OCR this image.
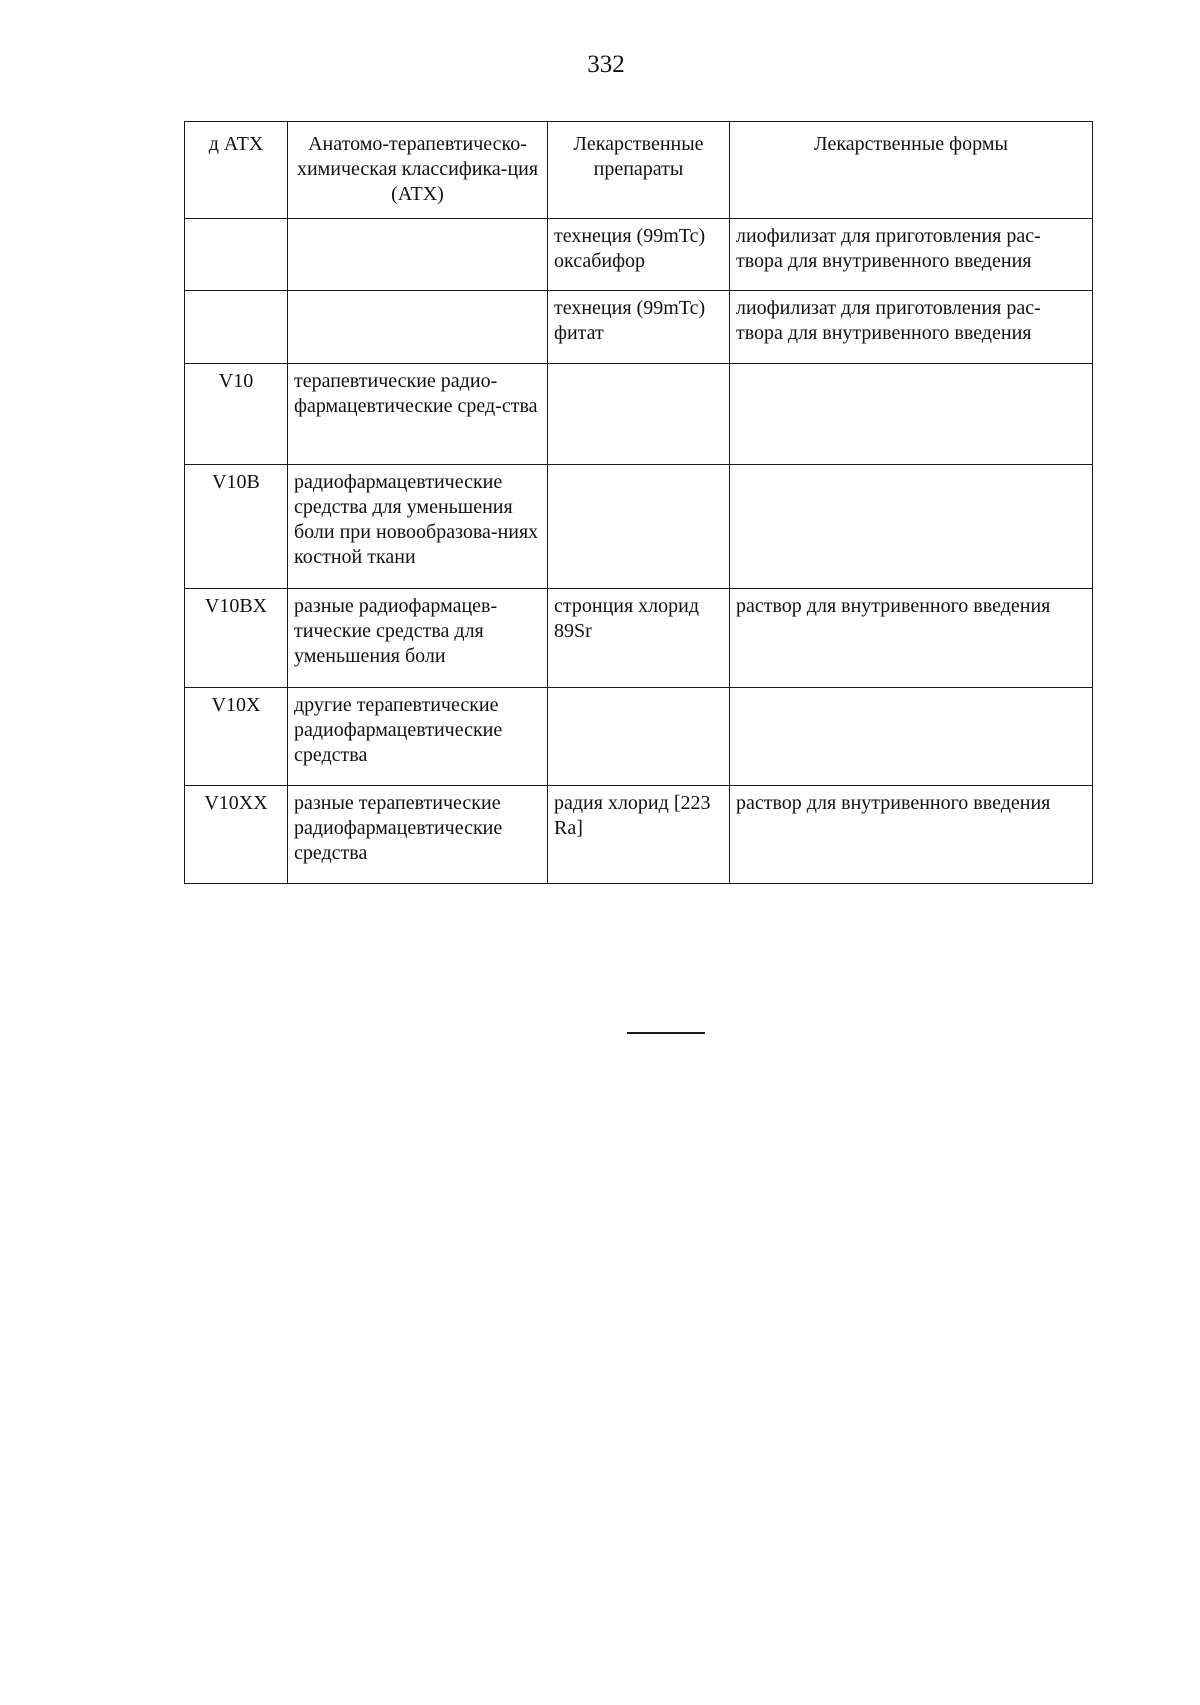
332
д АТХ	Анатомо-терапевтическо-химическая классифика-ция (АТХ)	Лекарственные препараты	Лекарственные формы
		технеция (99mTc) оксабифор	лиофилизат для приготовления рас-твора для внутривенного введения
		технеция (99mTc) фитат	лиофилизат для приготовления рас-твора для внутривенного введения
V10	терапевтические радио-фармацевтические сред-ства		
V10B	радиофармацевтические средства для уменьшения боли при новообразова-ниях костной ткани		
V10BX	разные радиофармацев-тические средства для уменьшения боли	стронция хлорид 89Sr	раствор для внутривенного введения
V10X	другие терапевтические радиофармацевтические средства		
V10XX	разные терапевтические радиофармацевтические средства	радия хлорид [223 Ra]	раствор для внутривенного введения
